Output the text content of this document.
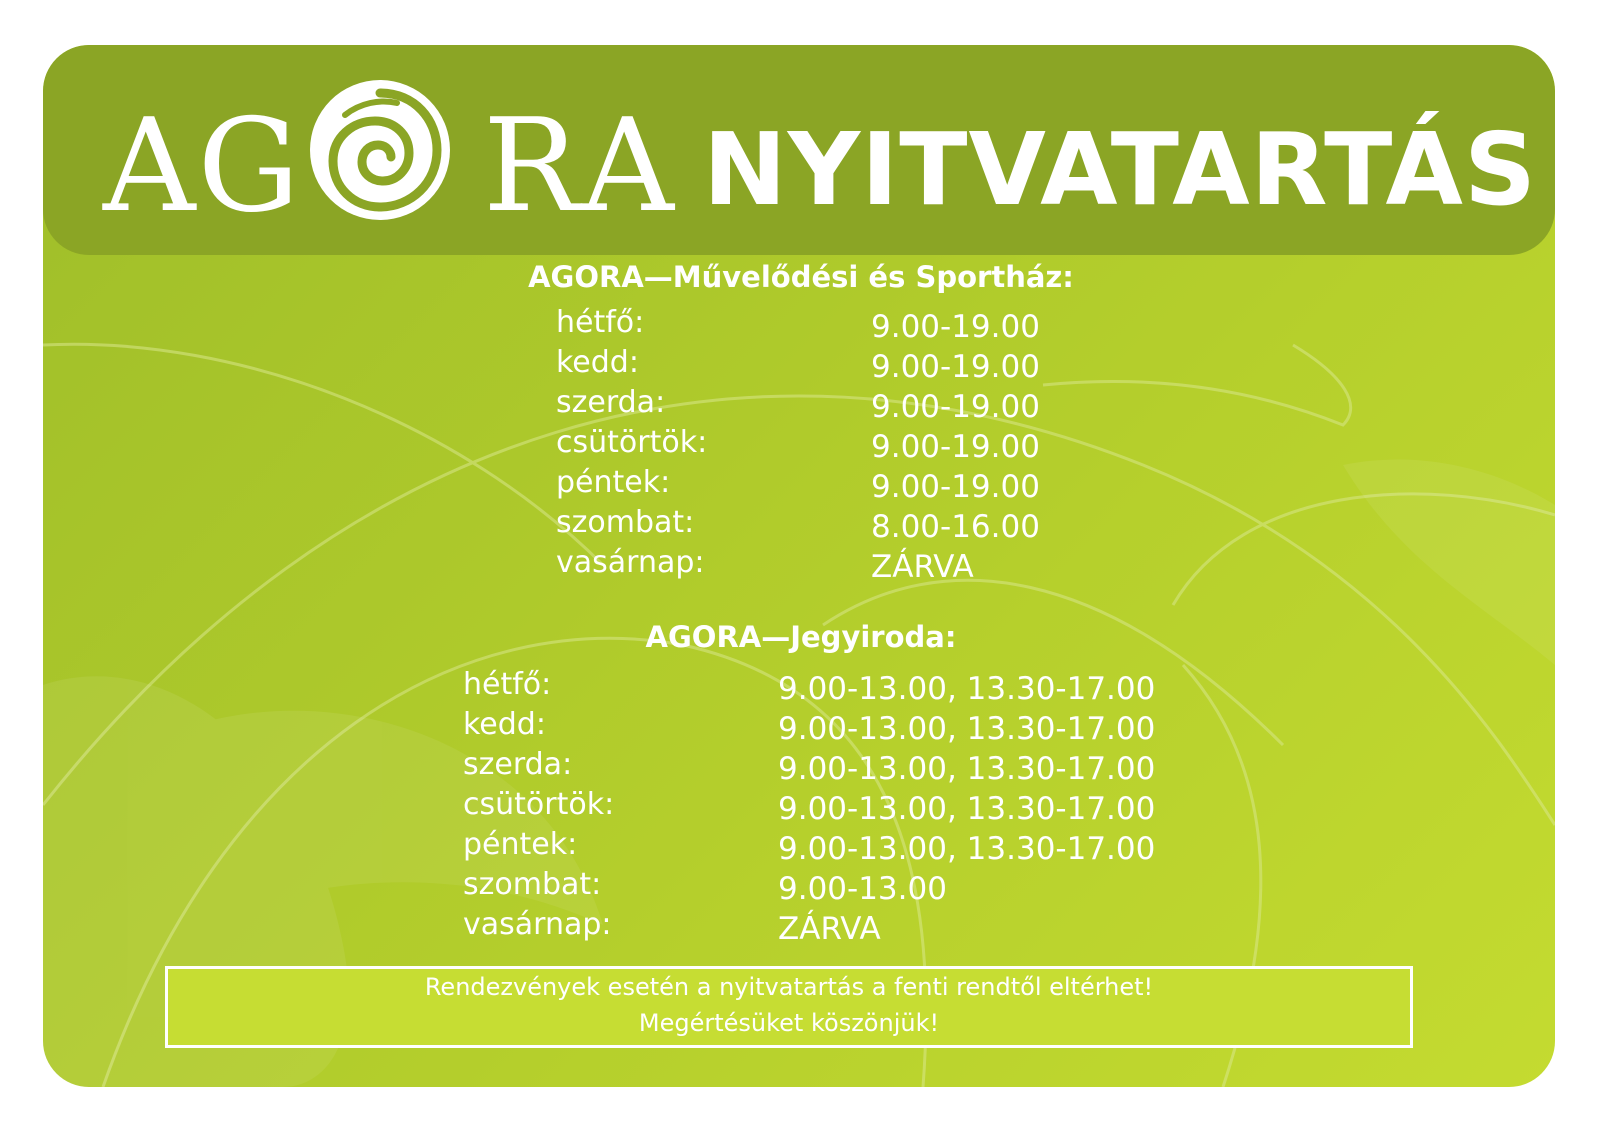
AG RA NYITVATARTÁS
AGORA—Művelődési és Sportház:
hétfő:	9.00-19.00
kedd:	9.00-19.00
szerda:	9.00-19.00
csütörtök:	9.00-19.00
péntek:	9.00-19.00
szombat:	8.00-16.00
vasárnap:	ZÁRVA
AGORA—Jegyiroda:
hétfő:	9.00-13.00, 13.30-17.00
kedd:	9.00-13.00, 13.30-17.00
szerda:	9.00-13.00, 13.30-17.00
csütörtök:	9.00-13.00, 13.30-17.00
péntek:	9.00-13.00, 13.30-17.00
szombat:	9.00-13.00
vasárnap:	ZÁRVA
Rendezvények esetén a nyitvatartás a fenti rendtől eltérhet!
Megértésüket köszönjük!
